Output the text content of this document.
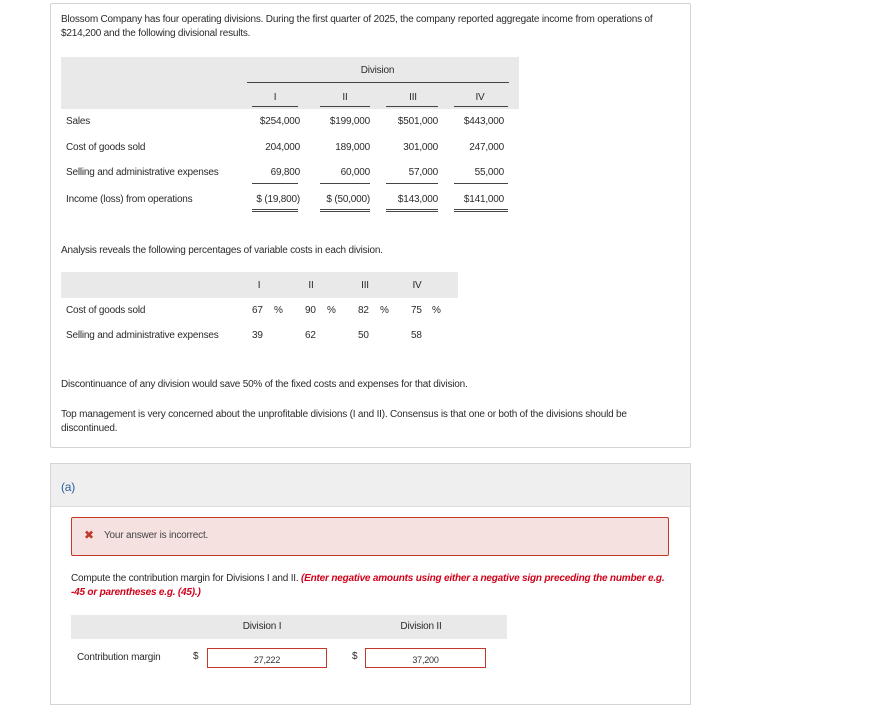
Blossom Company has four operating divisions. During the first quarter of 2025, the company reported aggregate income from operations of $214,200 and the following divisional results.
Division
I	II	III	IV
Sales	$254,000	$199,000	$501,000	$443,000
Cost of goods sold	204,000	189,000	301,000	247,000
Selling and administrative expenses	69,800	60,000	57,000	55,000
Income (loss) from operations	$ (19,800)	$ (50,000)	$143,000	$141,000
Analysis reveals the following percentages of variable costs in each division.
I	II	III	IV
Cost of goods sold	67 % 90 % 82 % 75 %
Selling and administrative expenses	39	62	50	58
Discontinuance of any division would save 50% of the fixed costs and expenses for that division.
Top management is very concerned about the unprofitable divisions (I and II). Consensus is that one or both of the divisions should be discontinued.
(a)
✖ Your answer is incorrect.
Compute the contribution margin for Divisions I and II. (Enter negative amounts using either a negative sign preceding the number e.g. -45 or parentheses e.g. (45).)
Division I	Division II
Contribution margin	$	27,222	$	37,200
